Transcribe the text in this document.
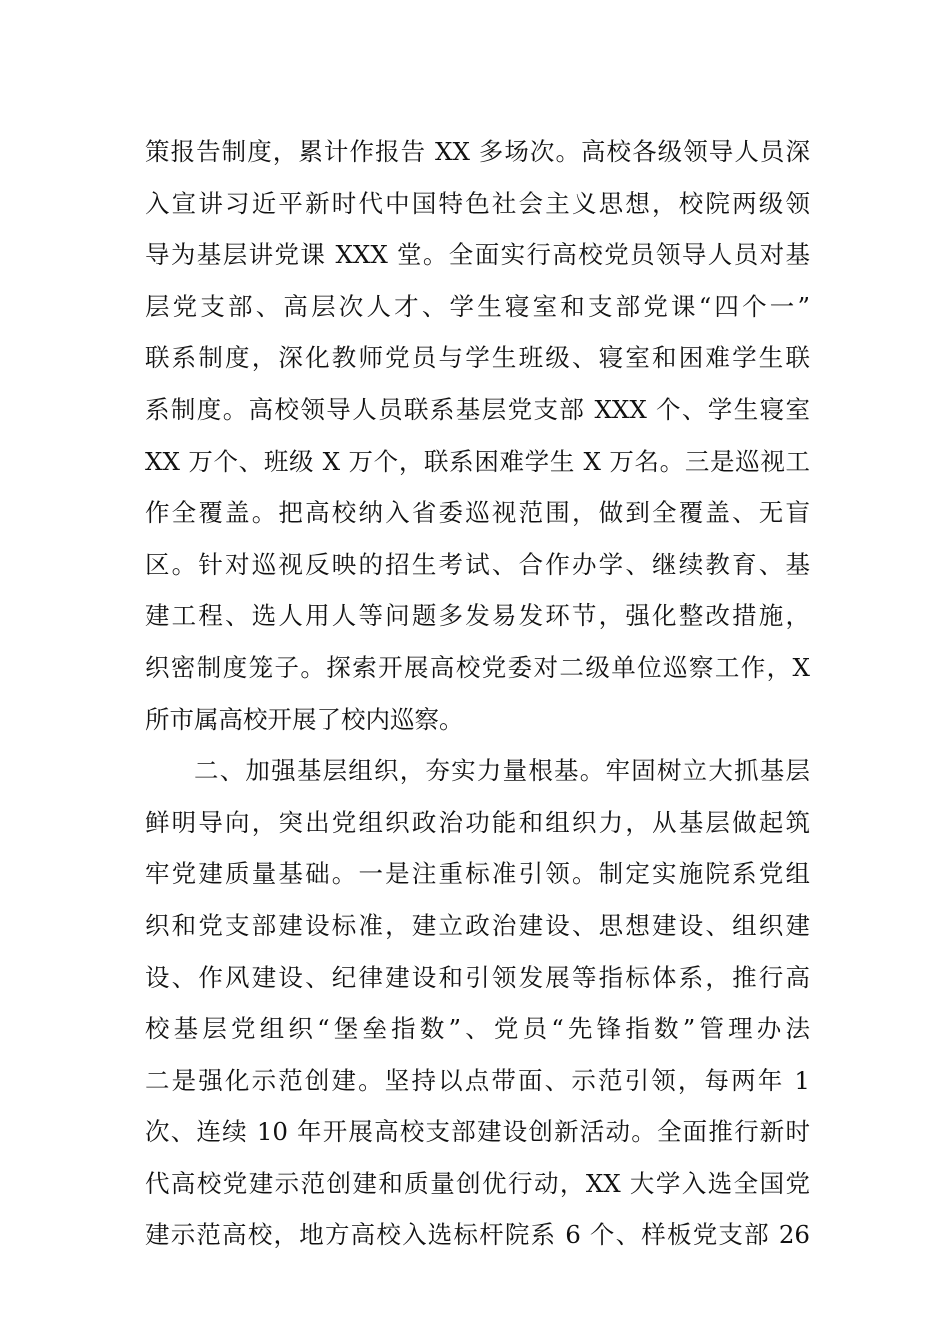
策报告制度，累计作报告 XX 多场次。高校各级领导人员深
入宣讲习近平新时代中国特色社会主义思想，校院两级领
导为基层讲党课 XXX 堂。全面实行高校党员领导人员对基
层党支部、高层次人才、学生寝室和支部党课“四个一”
联系制度，深化教师党员与学生班级、寝室和困难学生联
系制度。高校领导人员联系基层党支部 XXX 个、学生寝室
XX 万个、班级 X 万个，联系困难学生 X 万名。三是巡视工
作全覆盖。把高校纳入省委巡视范围，做到全覆盖、无盲
区。针对巡视反映的招生考试、合作办学、继续教育、基
建工程、选人用人等问题多发易发环节，强化整改措施，
织密制度笼子。探索开展高校党委对二级单位巡察工作，X
所市属高校开展了校内巡察。
二、加强基层组织，夯实力量根基。牢固树立大抓基层
鲜明导向，突出党组织政治功能和组织力，从基层做起筑
牢党建质量基础。一是注重标准引领。制定实施院系党组
织和党支部建设标准，建立政治建设、思想建设、组织建
设、作风建设、纪律建设和引领发展等指标体系，推行高
校基层党组织“堡垒指数”、党员“先锋指数”管理办法
二是强化示范创建。坚持以点带面、示范引领，每两年 1
次、连续 10 年开展高校支部建设创新活动。全面推行新时
代高校党建示范创建和质量创优行动，XX 大学入选全国党
建示范高校，地方高校入选标杆院系 6 个、样板党支部 26
